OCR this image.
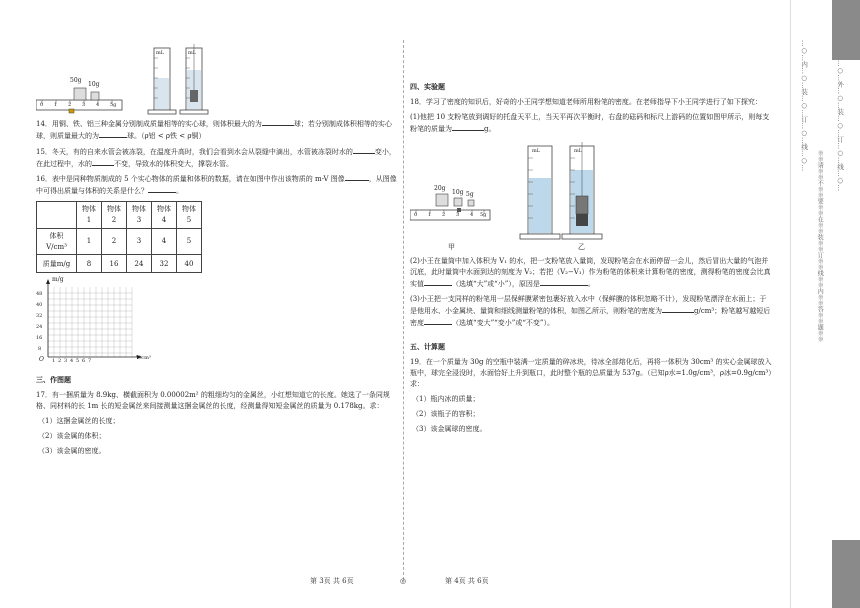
50g
10g
0 1 2 3 4 5g
mL	mL
14．用铜、铁、铝三种金属分别制成质量相等的实心球，则体积最大的为	球；若分别制成体积相等的实心球，则质量最大的为	球。（ρ铝 < ρ铁 < ρ铜）
15．冬天，有的自来水管会被冻裂，在温度升高时，我们会看到水会从裂缝中滴出，水管被冻裂时水的	变小，在此过程中，水的	不变，导致水的体积变大，撑裂水管。
16．表中是同种物质制成的 5 个实心物体的质量和体积的数据，请在如图中作出该物质的 m-V 图像	，从图像中可得出质量与体积的关系是什么？	。
	物体1	物体2	物体3	物体4	物体5
体积V/cm³	1	2	3	4	5
质量m/g	8	16	24	32	40
m/g
48
40
32
24
16
8
O 1 2 3 4 5 6 7	V/cm³
三、作图题
17．有一捆质量为 8.9kg、横截面积为 0.00002m² 的粗细均匀的金属丝，小红想知道它的长度。她选了一条同规格、同材料的长 1m 长的短金属丝来间接测量这捆金属丝的长度，经测量得知短金属丝的质量为 0.178kg。求：
（1）这捆金属丝的长度；
（2）该金属的体积；
（3）该金属的密度。
四、实验题
18．学习了密度的知识后，好奇的小王同学想知道老师所用粉笔的密度。在老师指导下小王同学进行了如下探究：
(1)他把 10 支粉笔放到调好的托盘天平上，当天平再次平衡时，右盘的砝码和标尺上游码的位置如图甲所示，则每支粉笔的质量为	g。
20g
10g 5g
0 1 2 3 4 5g
mL	mL
甲	乙
(2)小王在量筒中加入体积为 V₁ 的水，把一支粉笔放入量筒，发现粉笔会在水面停留一会儿，然后冒出大量的气泡并沉底，此时量筒中水面到达的刻度为 V₂；若把（V₂−V₁）作为粉笔的体积来计算粉笔的密度，测得粉笔的密度会比真实值	（选填“大”或“小”），原因是	。
(3)小王把一支同样的粉笔用一层保鲜膜紧密包裹好放入水中（保鲜膜的体积忽略不计），发现粉笔漂浮在水面上；于是他用水、小金属块、量筒和细线测量粉笔的体积，如图乙所示，则粉笔的密度为	g/cm³；粉笔越写越短后密度	（选填“变大”“变小”或“不变”）。
五、计算题
19．在一个质量为 30g 的空瓶中装满一定质量的碎冰块，待冰全部熔化后，再将一体积为 30cm³ 的实心金属球放入瓶中，球完全浸没时，水面恰好上升到瓶口，此时整个瓶的总质量为 537g。（已知ρ水=1.0g/cm³，ρ冰=0.9g/cm³）求：
（1）瓶内冰的质量；
（2）该瓶子的容积；
（3）该金属球的密度。
第 3页 共 6页	◎	第 4页 共 6页
…○…内…○…装…○…订…○…线…○…
※※请※※不※※要※※在※※装※※订※※线※※内※※答※※题※※
…○…外…○…装…○…订…○…线…○…
